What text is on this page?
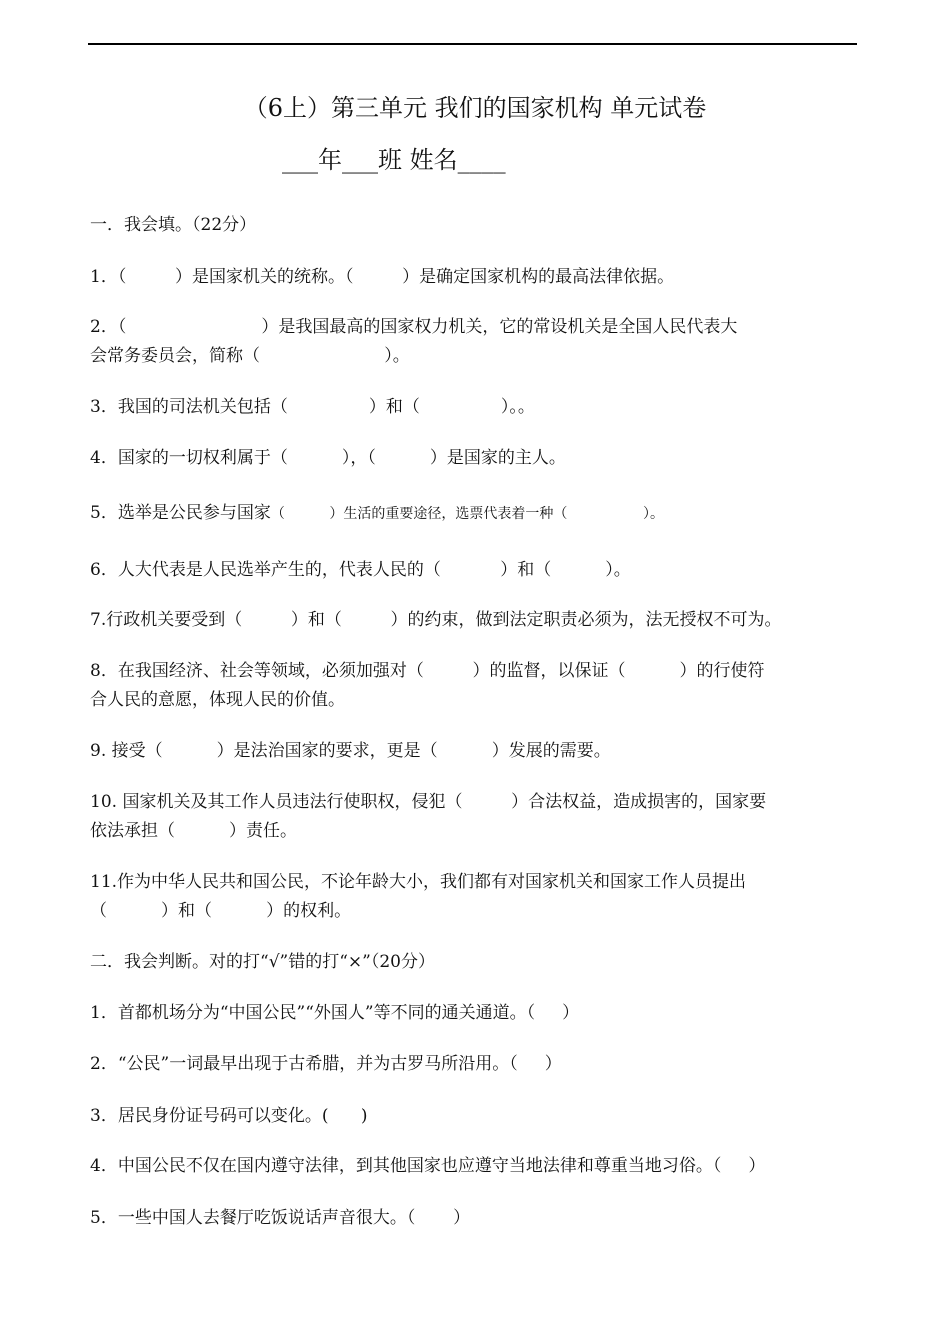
（6上）第三单元 我们的国家机构 单元试卷
___年___班 姓名____
一．我会填。（22分）
1．（         ）是国家机关的统称。（         ）是确定国家机构的最高法律依据。
2．（                         ）是我国最高的国家权力机关，它的常设机关是全国人民代表大
会常务委员会，简称（                       ）。
3．我国的司法机关包括（               ）和（               ）。。
4．国家的一切权利属于（          ），（          ）是国家的主人。
5．选举是公民参与国家（          ）生活的重要途径，选票代表着一种（                 ）。
6．人大代表是人民选举产生的，代表人民的（           ）和（          ）。
7.行政机关要受到（         ）和（         ）的约束，做到法定职责必须为，法无授权不可为。
8．在我国经济、社会等领域，必须加强对（         ）的监督，以保证（          ）的行使符
合人民的意愿，体现人民的价值。
9. 接受（          ）是法治国家的要求，更是（          ）发展的需要。
10. 国家机关及其工作人员违法行使职权，侵犯（         ）合法权益，造成损害的，国家要
依法承担（          ）责任。
11.作为中华人民共和国公民，不论年龄大小，我们都有对国家机关和国家工作人员提出
（          ）和（          ）的权利。
二．我会判断。对的打“√”错的打“×”（20分）
1．首都机场分为“中国公民”“外国人”等不同的通关通道。（     ）
2．“公民”一词最早出现于古希腊，并为古罗马所沿用。（     ）
3．居民身份证号码可以变化。(      )
4．中国公民不仅在国内遵守法律，到其他国家也应遵守当地法律和尊重当地习俗。（     ）
5．一些中国人去餐厅吃饭说话声音很大。（       ）
